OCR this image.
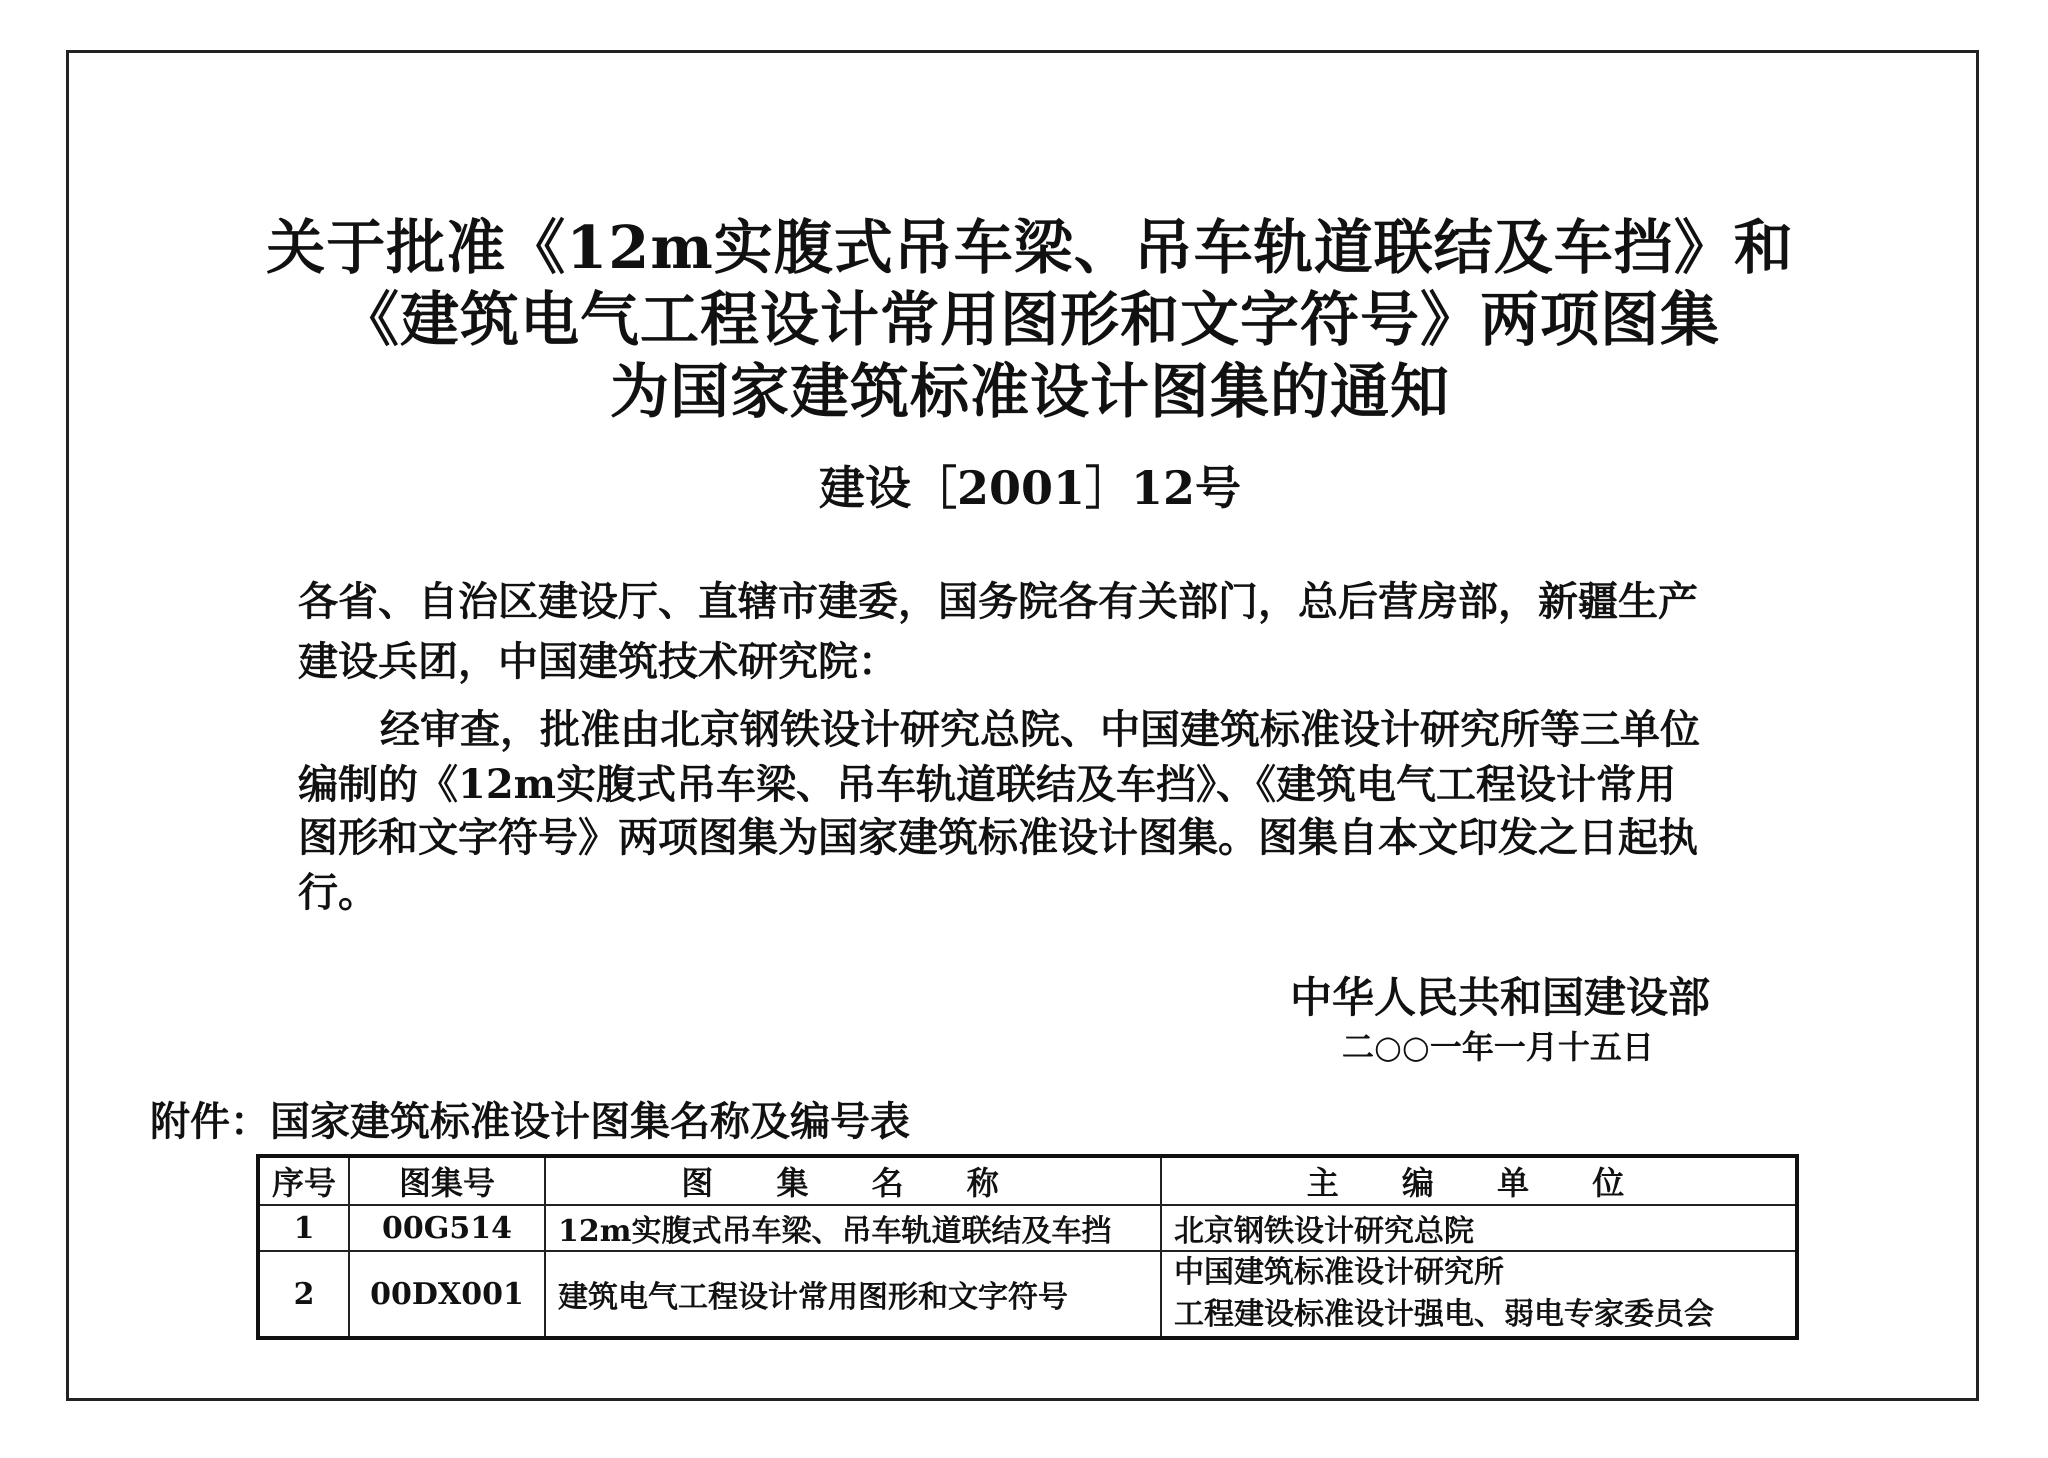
关于批准《12m实腹式吊车梁、吊车轨道联结及车挡》和
《建筑电气工程设计常用图形和文字符号》两项图集
为国家建筑标准设计图集的通知
建设［2001］12号
各省、自治区建设厅、直辖市建委，国务院各有关部门，总后营房部，新疆生产
建设兵团，中国建筑技术研究院：
经审查，批准由北京钢铁设计研究总院、中国建筑标准设计研究所等三单位
编制的《12m实腹式吊车梁、吊车轨道联结及车挡》、《建筑电气工程设计常用
图形和文字符号》两项图集为国家建筑标准设计图集。图集自本文印发之日起执
行。
中华人民共和国建设部
二○○一年一月十五日
附件：国家建筑标准设计图集名称及编号表
序号	图集号	图 集 名 称	主 编 单 位
1	00G514	12m实腹式吊车梁、吊车轨道联结及车挡	北京钢铁设计研究总院
2	00DX001	建筑电气工程设计常用图形和文字符号	中国建筑标准设计研究所
工程建设标准设计强电、弱电专家委员会
